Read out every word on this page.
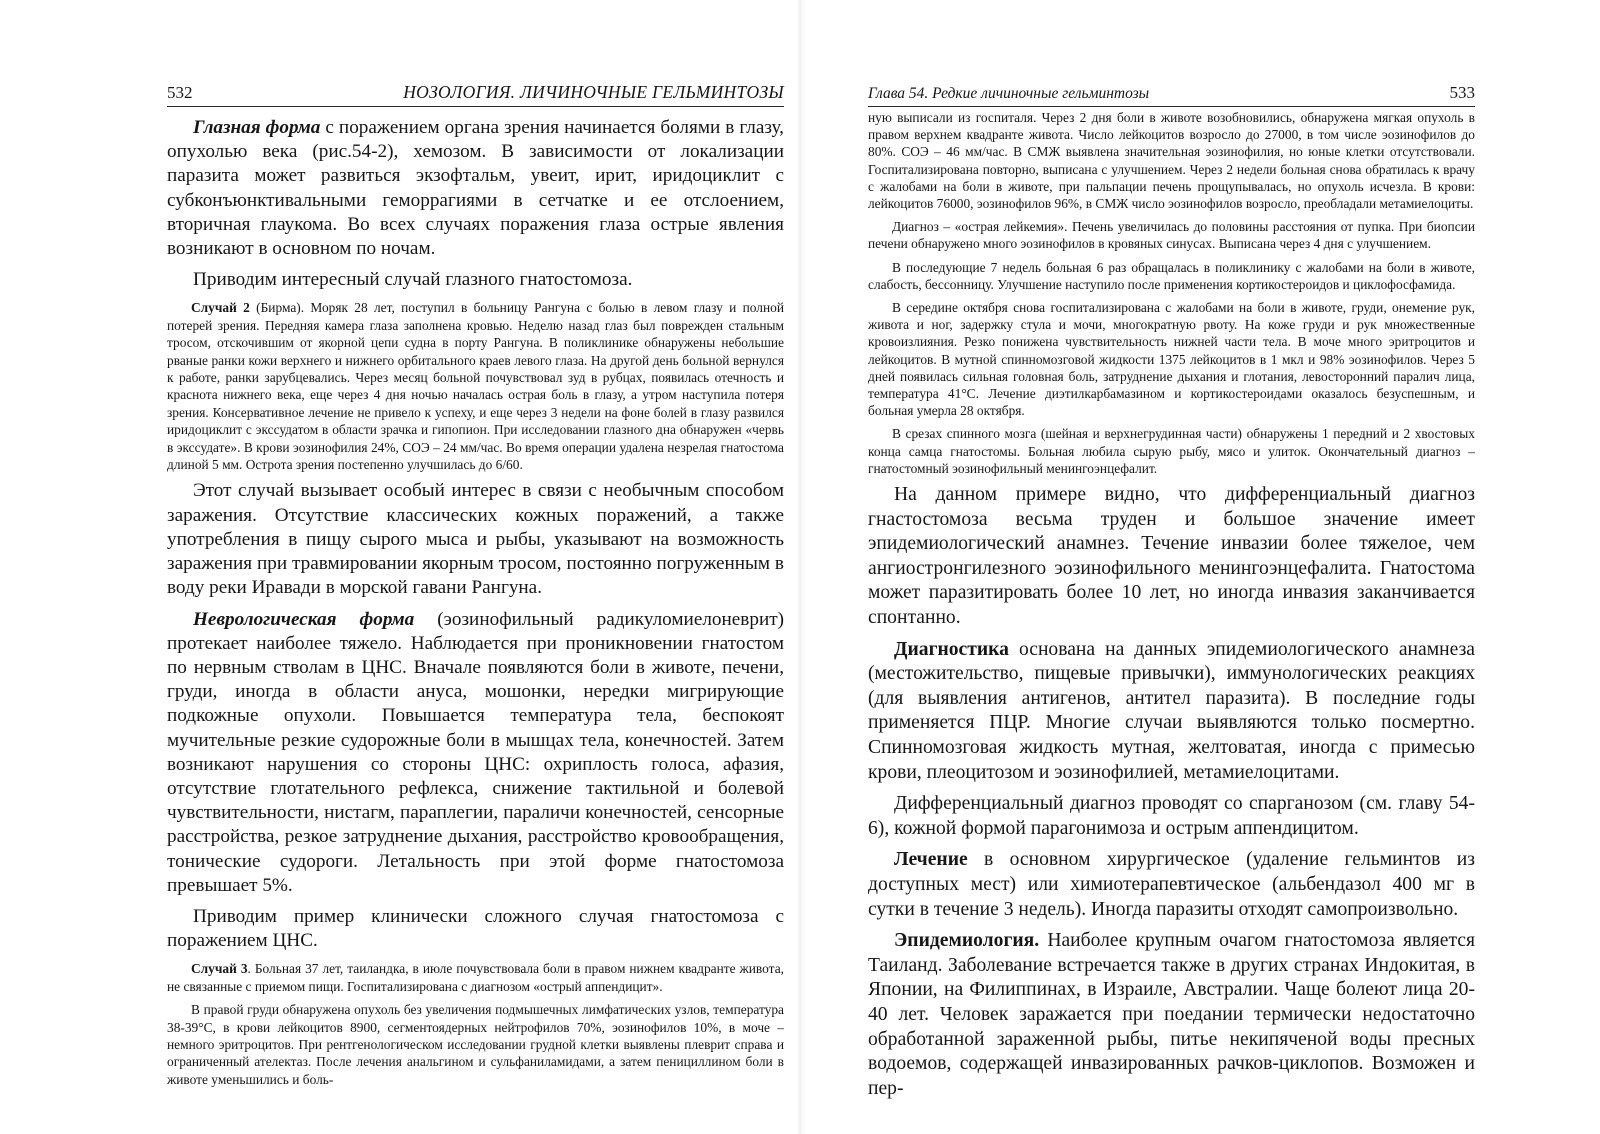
532	НОЗОЛОГИЯ. ЛИЧИНОЧНЫЕ ГЕЛЬМИНТОЗЫ

Глазная форма с поражением органа зрения начинается болями в глазу, опухолью века (рис.54-2), хемозом. В зависимости от локализации паразита может развиться экзофтальм, увеит, ирит, иридоциклит с субконъюнктивальными геморрагиями в сетчатке и ее отслоением, вторичная глаукома. Во всех случаях поражения глаза острые явления возникают в основном по ночам.

Приводим интересный случай глазного гнатостомоза.

Случай 2 (Бирма). Моряк 28 лет, поступил в больницу Рангуна с болью в левом глазу и полной потерей зрения. Передняя камера глаза заполнена кровью. Неделю назад глаз был поврежден стальным тросом, отскочившим от якорной цепи судна в порту Рангуна. В поликлинике обнаружены небольшие рваные ранки кожи верхнего и нижнего орбитального краев левого глаза. На другой день больной вернулся к работе, ранки зарубцевались. Через месяц больной почувствовал зуд в рубцах, появилась отечность и краснота нижнего века, еще через 4 дня ночью началась острая боль в глазу, а утром наступила потеря зрения. Консервативное лечение не привело к успеху, и еще через 3 недели на фоне болей в глазу развился иридоциклит с экссудатом в области зрачка и гипопион. При исследовании глазного дна обнаружен «червь в экссудате». В крови эозинофилия 24%, СОЭ – 24 мм/час. Во время операции удалена незрелая гнатостома длиной 5 мм. Острота зрения постепенно улучшилась до 6/60.

Этот случай вызывает особый интерес в связи с необычным способом заражения. Отсутствие классических кожных поражений, а также употребления в пищу сырого мыса и рыбы, указывают на возможность заражения при травмировании якорным тросом, постоянно погруженным в воду реки Иравади в морской гавани Рангуна.

Неврологическая форма (эозинофильный радикуломиелоневрит) протекает наиболее тяжело. Наблюдается при проникновении гнатостом по нервным стволам в ЦНС. Вначале появляются боли в животе, печени, груди, иногда в области ануса, мошонки, нередки мигрирующие подкожные опухоли. Повышается температура тела, беспокоят мучительные резкие судорожные боли в мышцах тела, конечностей. Затем возникают нарушения со стороны ЦНС: охриплость голоса, афазия, отсутствие глотательного рефлекса, снижение тактильной и болевой чувствительности, нистагм, параплегии, параличи конечностей, сенсорные расстройства, резкое затруднение дыхания, расстройство кровообращения, тонические судороги. Летальность при этой форме гнатостомоза превышает 5%.

Приводим пример клинически сложного случая гнатостомоза с поражением ЦНС.

Случай 3. Больная 37 лет, таиландка, в июле почувствовала боли в правом нижнем квадранте живота, не связанные с приемом пищи. Госпитализирована с диагнозом «острый аппендицит».

В правой груди обнаружена опухоль без увеличения подмышечных лимфатических узлов, температура 38-39°С, в крови лейкоцитов 8900, сегментоядерных нейтрофилов 70%, эозинофилов 10%, в моче – немного эритроцитов. При рентгенологическом исследовании грудной клетки выявлены плеврит справа и ограниченный ателектаз. После лечения анальгином и сульфаниламидами, а затем пенициллином боли в животе уменьшились и боль-

Глава 54. Редкие личиночные гельминтозы	533

ную выписали из госпиталя. Через 2 дня боли в животе возобновились, обнаружена мягкая опухоль в правом верхнем квадранте живота. Число лейкоцитов возросло до 27000, в том числе эозинофилов до 80%. СОЭ – 46 мм/час. В СМЖ выявлена значительная эозинофилия, но юные клетки отсутствовали. Госпитализирована повторно, выписана с улучшением. Через 2 недели больная снова обратилась к врачу с жалобами на боли в животе, при пальпации печень прощупывалась, но опухоль исчезла. В крови: лейкоцитов 76000, эозинофилов 96%, в СМЖ число эозинофилов возросло, преобладали метамиелоциты.

Диагноз – «острая лейкемия». Печень увеличилась до половины расстояния от пупка. При биопсии печени обнаружено много эозинофилов в кровяных синусах. Выписана через 4 дня с улучшением.

В последующие 7 недель больная 6 раз обращалась в поликлинику с жалобами на боли в животе, слабость, бессонницу. Улучшение наступило после применения кортикостероидов и циклофосфамида.

В середине октября снова госпитализирована с жалобами на боли в животе, груди, онемение рук, живота и ног, задержку стула и мочи, многократную рвоту. На коже груди и рук множественные кровоизлияния. Резко понижена чувствительность нижней части тела. В моче много эритроцитов и лейкоцитов. В мутной спинномозговой жидкости 1375 лейкоцитов в 1 мкл и 98% эозинофилов. Через 5 дней появилась сильная головная боль, затруднение дыхания и глотания, левосторонний паралич лица, температура 41°С. Лечение диэтилкарбамазином и кортикостероидами оказалось безуспешным, и больная умерла 28 октября.

В срезах спинного мозга (шейная и верхнегрудинная части) обнаружены 1 передний и 2 хвостовых конца самца гнатостомы. Больная любила сырую рыбу, мясо и улиток. Окончательный диагноз – гнатостомный эозинофильный менингоэнцефалит.

На данном примере видно, что дифференциальный диагноз гнастостомоза весьма труден и большое значение имеет эпидемиологический анамнез. Течение инвазии более тяжелое, чем ангиостронгилезного эозинофильного менингоэнцефалита. Гнатостома может паразитировать более 10 лет, но иногда инвазия заканчивается спонтанно.

Диагностика основана на данных эпидемиологического анамнеза (местожительство, пищевые привычки), иммунологических реакциях (для выявления антигенов, антител паразита). В последние годы применяется ПЦР. Многие случаи выявляются только посмертно. Спинномозговая жидкость мутная, желтоватая, иногда с примесью крови, плеоцитозом и эозинофилией, метамиелоцитами.

Дифференциальный диагноз проводят со спарганозом (см. главу 54-6), кожной формой парагонимоза и острым аппендицитом.

Лечение в основном хирургическое (удаление гельминтов из доступных мест) или химиотерапевтическое (альбендазол 400 мг в сутки в течение 3 недель). Иногда паразиты отходят самопроизвольно.

Эпидемиология. Наиболее крупным очагом гнатостомоза является Таиланд. Заболевание встречается также в других странах Индокитая, в Японии, на Филиппинах, в Израиле, Австралии. Чаще болеют лица 20-40 лет. Человек заражается при поедании термически недостаточно обработанной зараженной рыбы, питье некипяченой воды пресных водоемов, содержащей инвазированных рачков-циклопов. Возможен и пер-
